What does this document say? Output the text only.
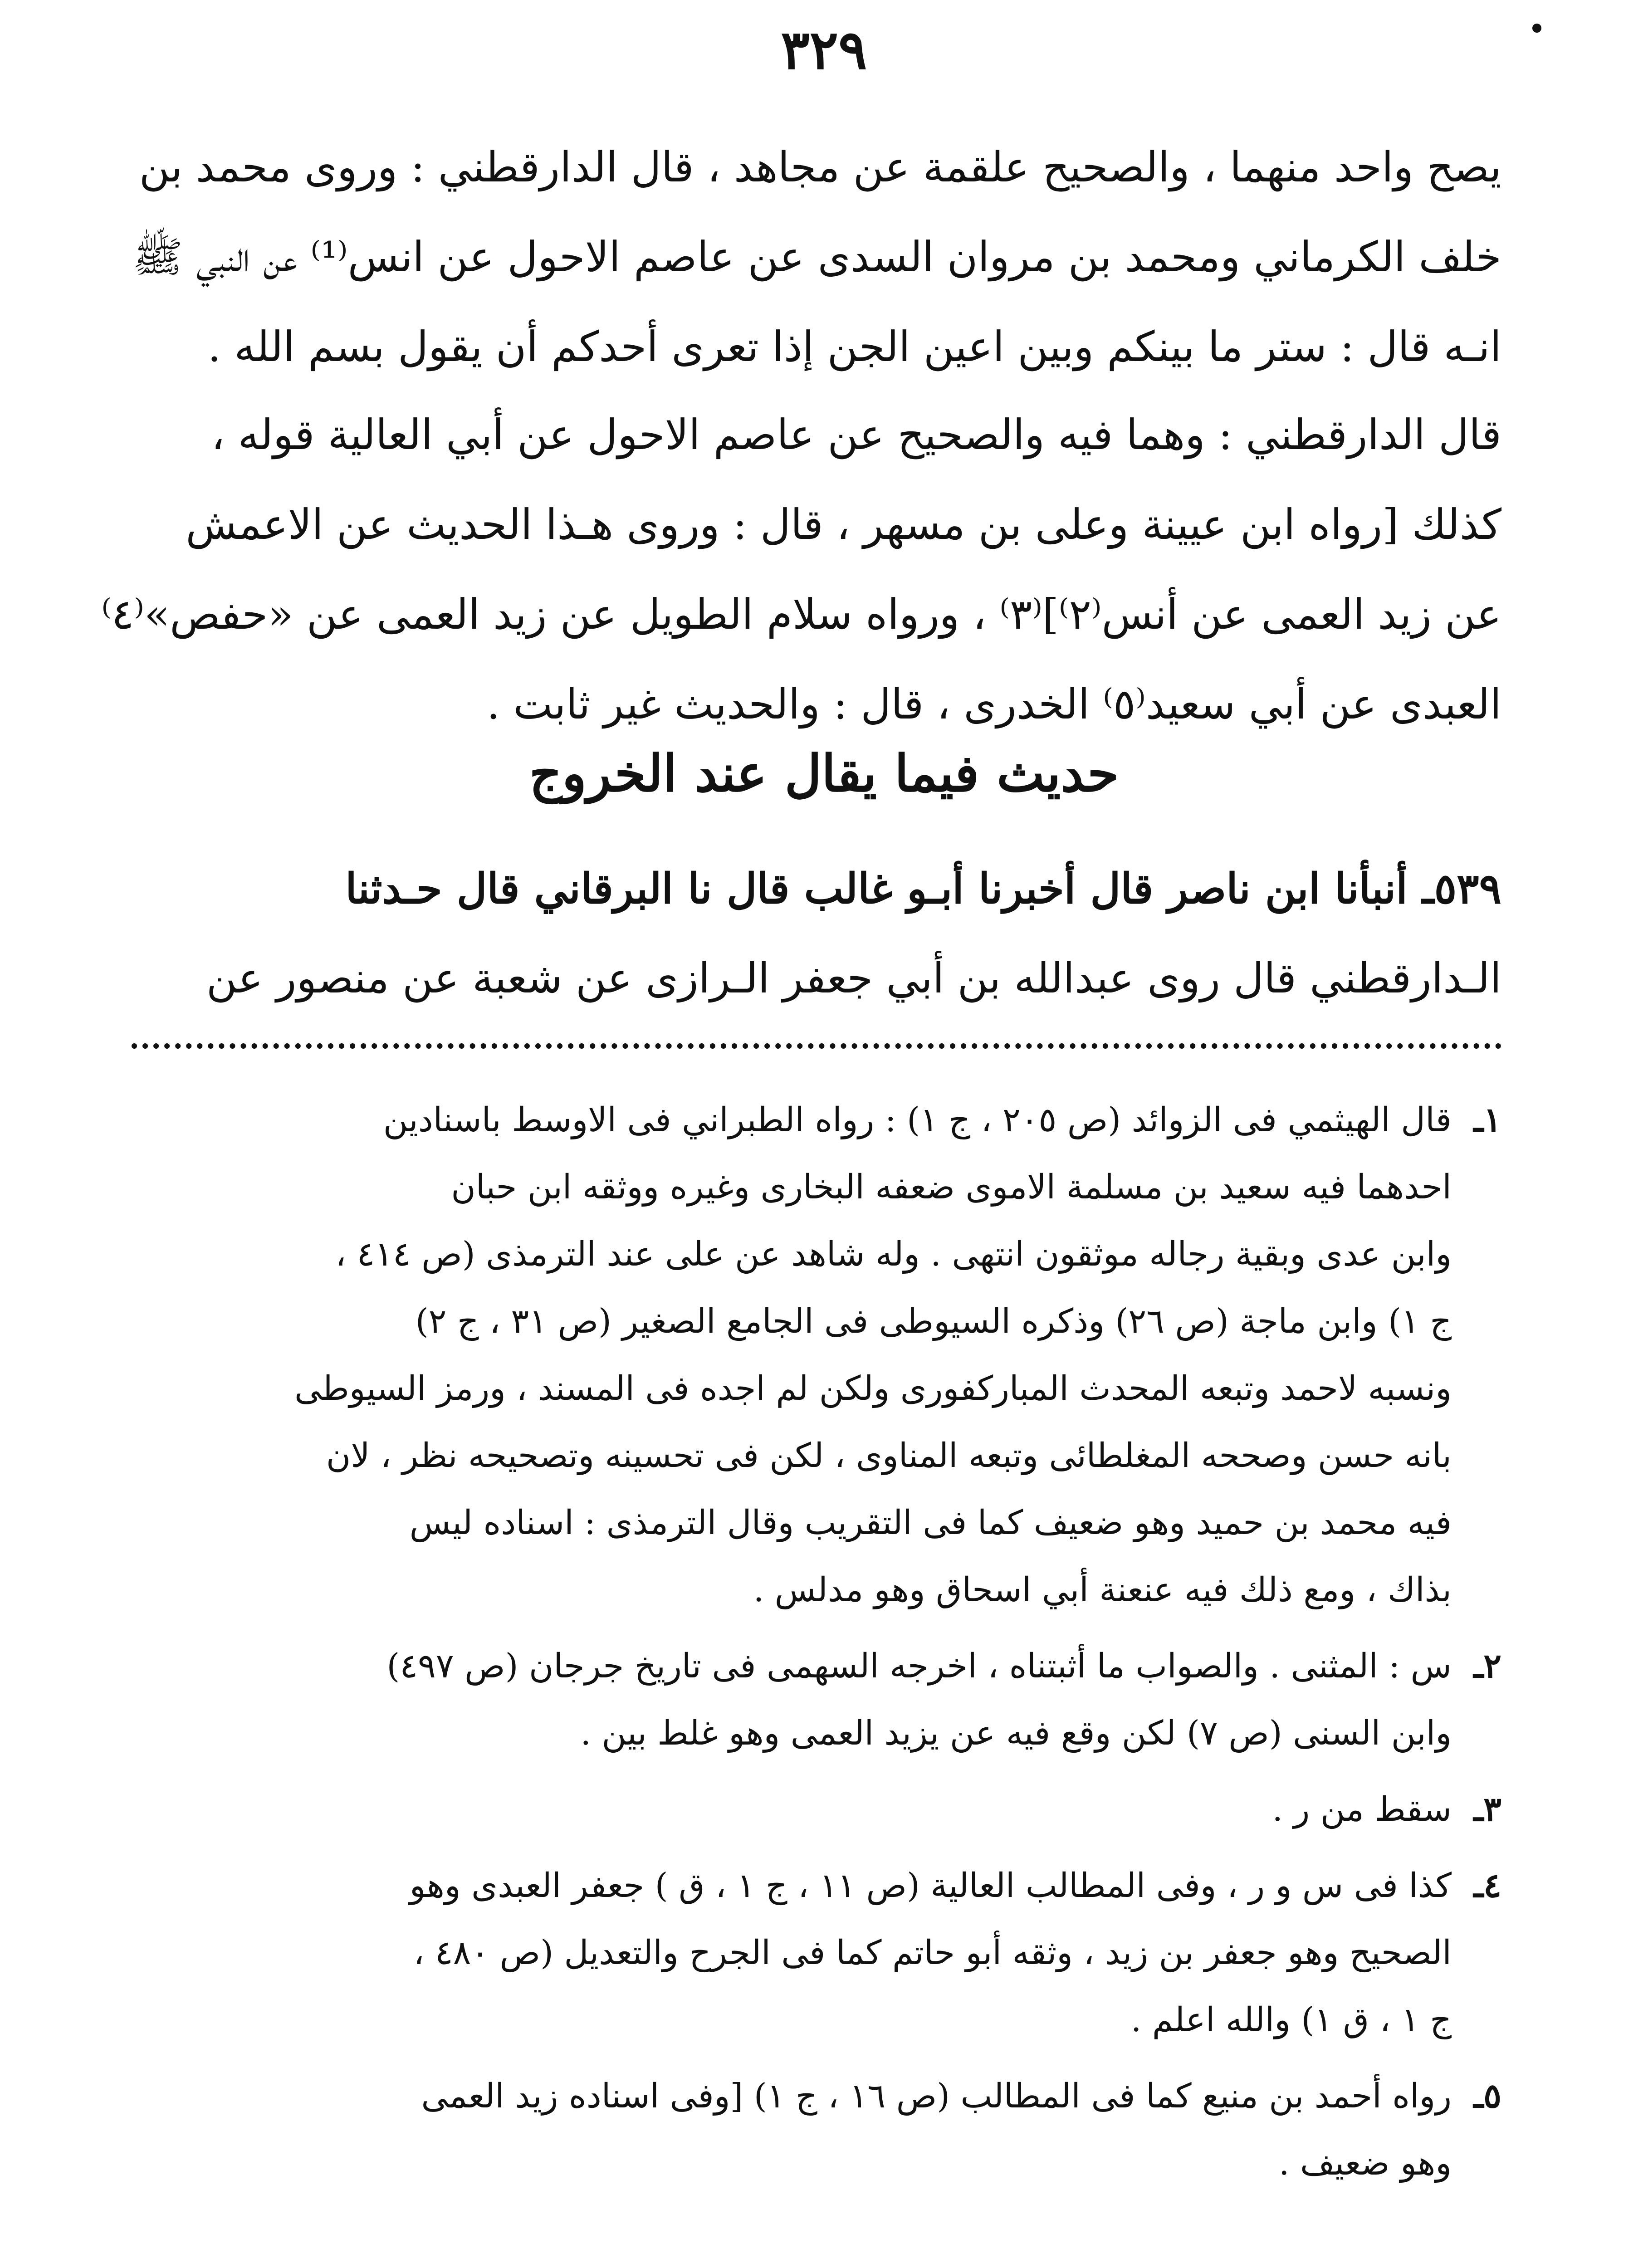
٣٢٩
يصح واحد منهما ، والصحيح علقمة عن مجاهد ، قال الدارقطني : وروى محمد بن
خلف الكرماني ومحمد بن مروان السدى عن عاصم الاحول عن انس⁽¹⁾ عن النبي ﷺ
انـه قال : ستر ما بينكم وبين اعين الجن إذا تعرى أحدكم أن يقول بسم الله .
قال الدارقطني : وهما فيه والصحيح عن عاصم الاحول عن أبي العالية قوله ،
كذلك [رواه ابن عيينة وعلى بن مسهر ، قال : وروى هـذا الحديث عن الاعمش
عن زيد العمى عن أنس⁽٢⁾]⁽٣⁾ ، ورواه سلام الطويل عن زيد العمى عن «حفص»⁽٤⁾
العبدى عن أبي سعيد⁽٥⁾ الخدرى ، قال : والحديث غير ثابت .
حديث فيما يقال عند الخروج
٥٣٩ـ أنبأنا ابن ناصر قال أخبرنا أبـو غالب قال نا البرقاني قال حـدثنا
الـدارقطني قال روى عبدالله بن أبي جعفر الـرازى عن شعبة عن منصور عن
١ـقال الهيثمي فى الزوائد (ص ٢٠٥ ، ج ١) : رواه الطبراني فى الاوسط باسنادين
احدهما فيه سعيد بن مسلمة الاموى ضعفه البخارى وغيره ووثقه ابن حبان
وابن عدى وبقية رجاله موثقون انتهى . وله شاهد عن على عند الترمذى (ص ٤١٤ ،
ج ١) وابن ماجة (ص ٢٦) وذكره السيوطى فى الجامع الصغير (ص ٣١ ، ج ٢)
ونسبه لاحمد وتبعه المحدث المباركفورى ولكن لم اجده فى المسند ، ورمز السيوطى
بانه حسن وصححه المغلطائى وتبعه المناوى ، لكن فى تحسينه وتصحيحه نظر ، لان
فيه محمد بن حميد وهو ضعيف كما فى التقريب وقال الترمذى : اسناده ليس
بذاك ، ومع ذلك فيه عنعنة أبي اسحاق وهو مدلس .
٢ـس : المثنى . والصواب ما أثبتناه ، اخرجه السهمى فى تاريخ جرجان (ص ٤٩٧)
وابن السنى (ص ٧) لكن وقع فيه عن يزيد العمى وهو غلط بين .
٣ـسقط من ر .
٤ـكذا فى س و ر ، وفى المطالب العالية (ص ١١ ، ج ١ ، ق ) جعفر العبدى وهو
الصحيح وهو جعفر بن زيد ، وثقه أبو حاتم كما فى الجرح والتعديل (ص ٤٨٠ ،
ج ١ ، ق ١) والله اعلم .
٥ـرواه أحمد بن منيع كما فى المطالب (ص ١٦ ، ج ١) [وفى اسناده زيد العمى
وهو ضعيف .
